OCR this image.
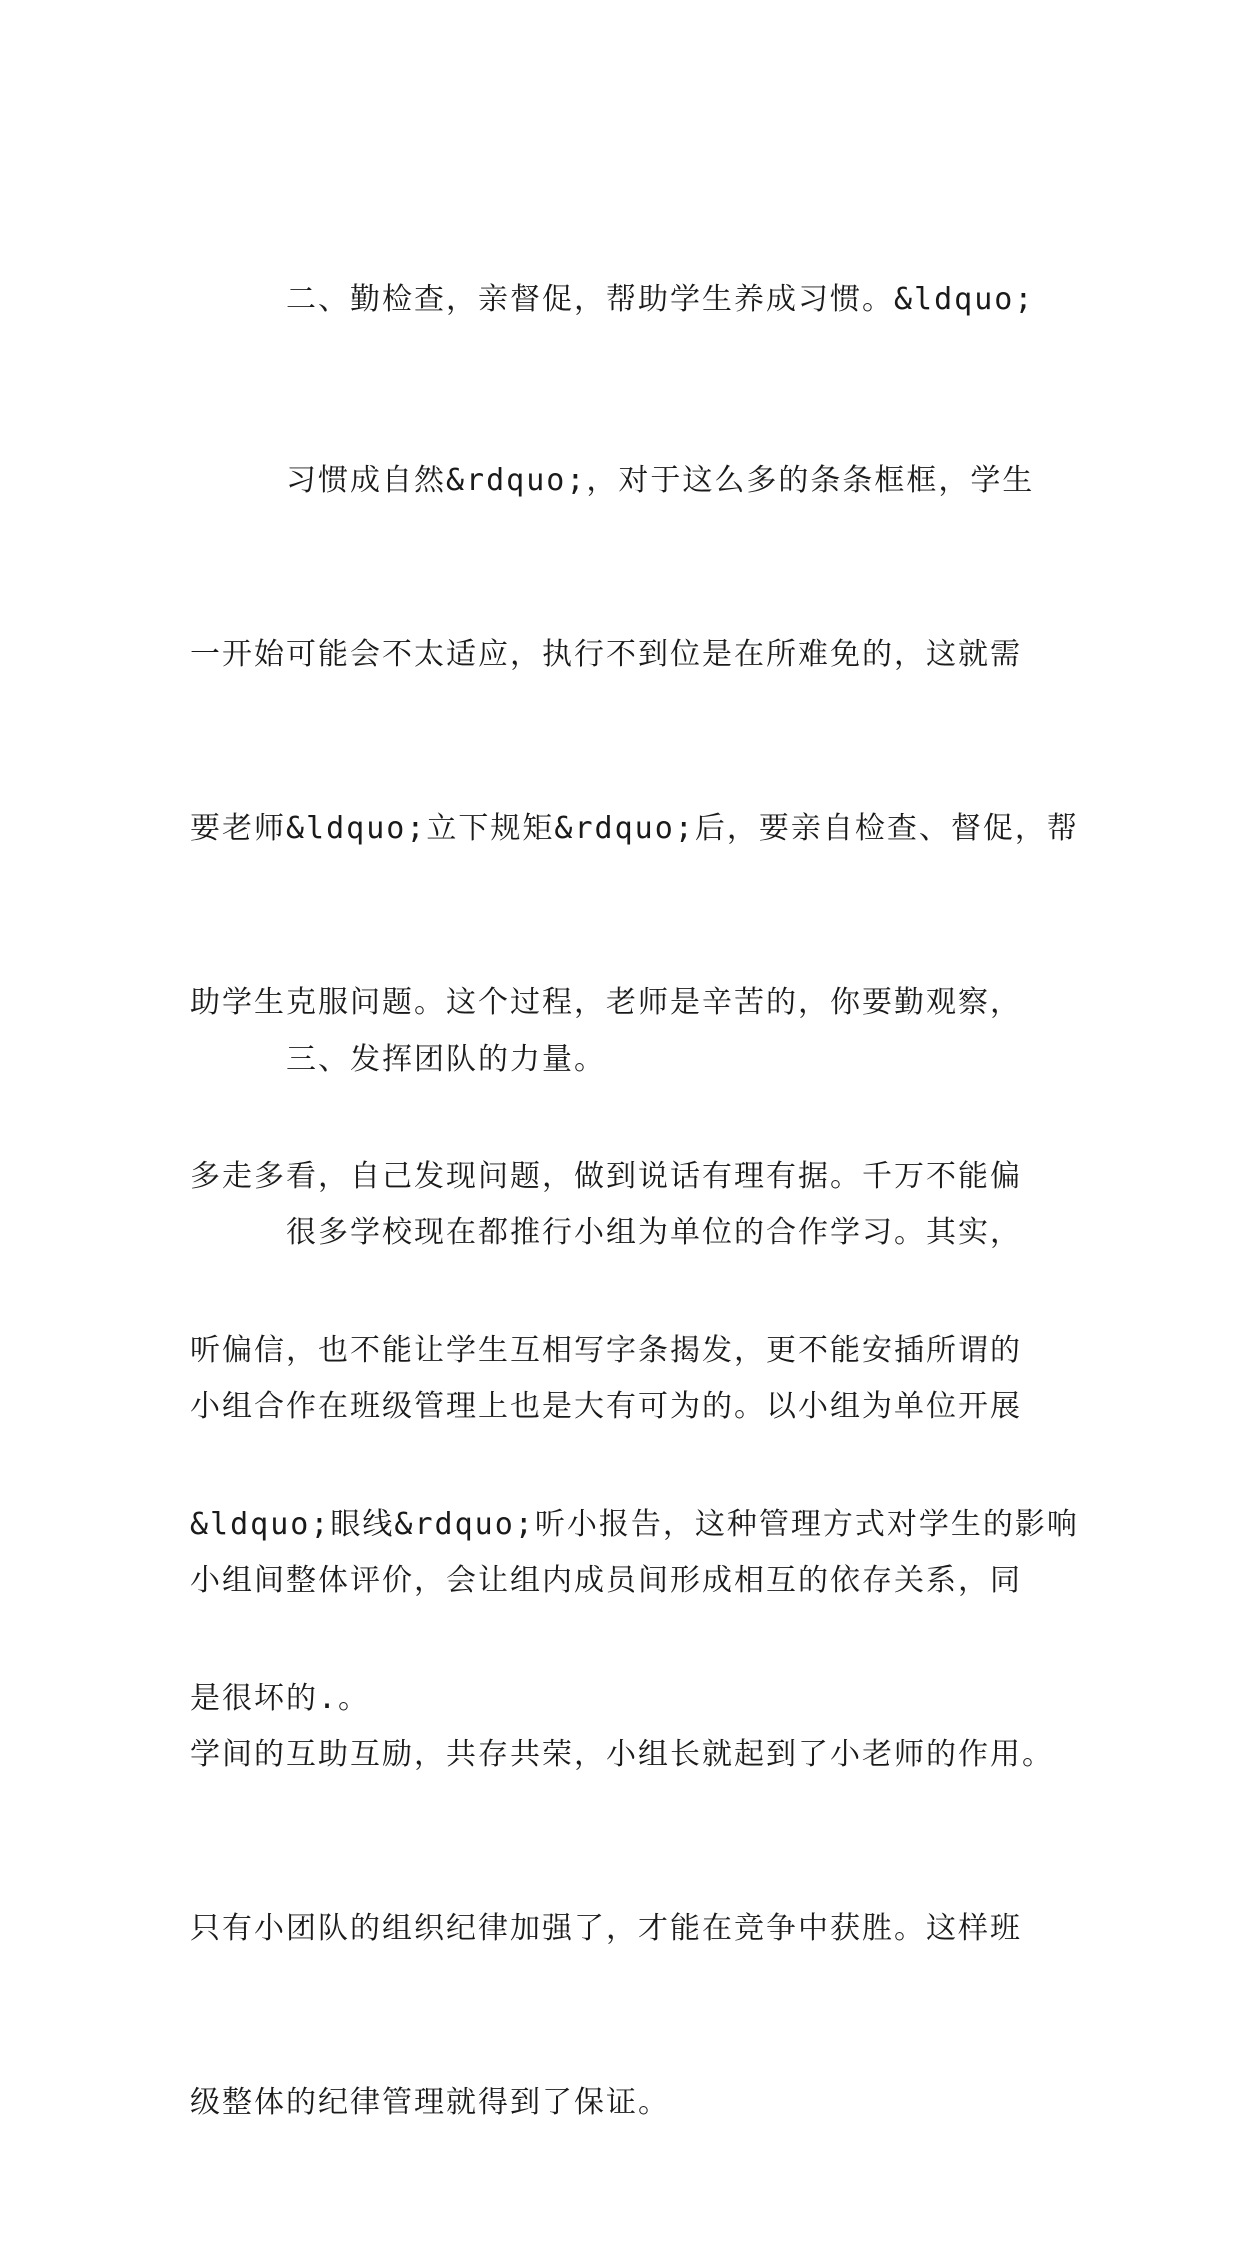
二、勤检查，亲督促，帮助学生养成习惯。&ldquo;

习惯成自然&rdquo;，对于这么多的条条框框，学生

一开始可能会不太适应，执行不到位是在所难免的，这就需

要老师&ldquo;立下规矩&rdquo;后，要亲自检查、督促，帮

助学生克服问题。这个过程，老师是辛苦的，你要勤观察，

多走多看，自己发现问题，做到说话有理有据。千万不能偏

听偏信，也不能让学生互相写字条揭发，更不能安插所谓的

&ldquo;眼线&rdquo;听小报告，这种管理方式对学生的影响

是很坏的.。

三、发挥团队的力量。

很多学校现在都推行小组为单位的合作学习。其实，

小组合作在班级管理上也是大有可为的。以小组为单位开展

小组间整体评价，会让组内成员间形成相互的依存关系，同

学间的互助互励，共存共荣，小组长就起到了小老师的作用。

只有小团队的组织纪律加强了，才能在竞争中获胜。这样班

级整体的纪律管理就得到了保证。
